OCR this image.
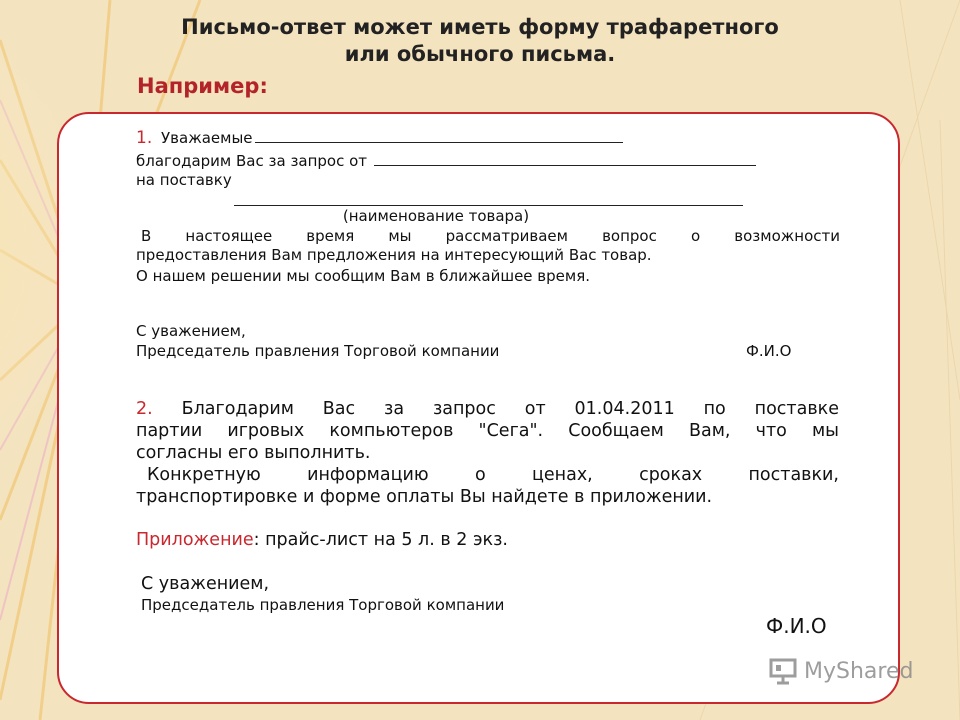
Письмо-ответ может иметь форму трафаретного
или обычного письма.
Например:
1. Уважаемые
благодарим Вас за запрос от
на поставку
(наименование товара)
В настоящее время мы рассматриваем вопрос о возможности
предоставления Вам предложения на интересующий Вас товар.
О нашем решении мы сообщим Вам в ближайшее время.
С уважением,
Председатель правления Торговой компании	Ф.И.О
2. Благодарим Вас за запрос от 01.04.2011 по поставке
партии игровых компьютеров "Сега". Сообщаем Вам, что мы
согласны его выполнить.
Конкретную информацию о ценах, сроках поставки,
транспортировке и форме оплаты Вы найдете в приложении.
Приложение: прайс-лист на 5 л. в 2 экз.
С уважением,
Председатель правления Торговой компании
Ф.И.О
MyShared
